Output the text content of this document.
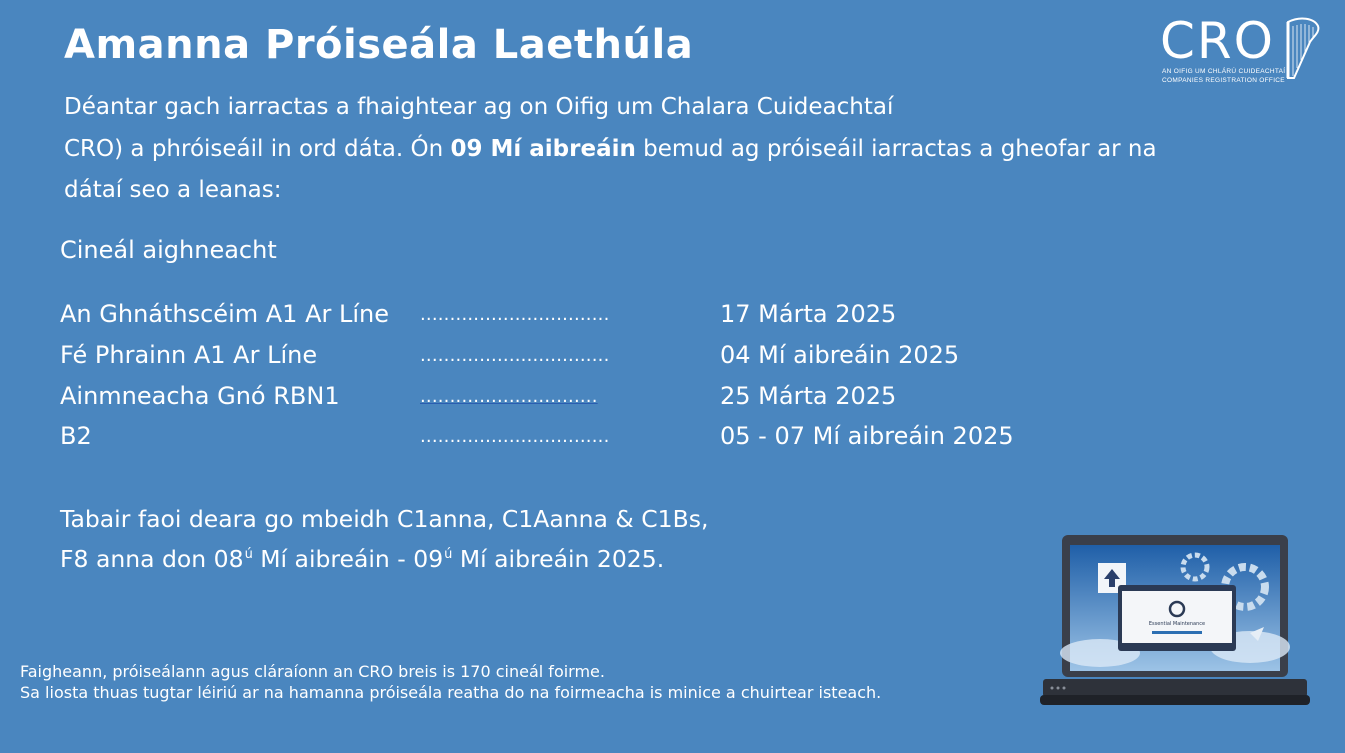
Amanna Próiseála Laethúla
Déantar gach iarractas a fhaightear ag on Oifig um Chalara Cuideachtaí
CRO) a phróiseáil in ord dáta. Ón 09 Mí aibreáin bemud ag próiseáil iarractas a gheofar ar na
dátaí seo a leanas:
Cineál aighneacht
An Ghnáthscéim A1 Ar Líne ................................	17 Márta 2025
Fé Phrainn A1 Ar Líne	................................	04 Mí aibreáin 2025
Ainmneacha Gnó RBN1	..............................	25 Márta 2025
B2	................................	05 - 07 Mí aibreáin 2025
Tabair faoi deara go mbeidh C1anna, C1Aanna & C1Bs,
F8 anna don $08^ú$ Mí aibreáin - $09^ú$ Mí aibreáin 2025.
Faigheann, próiseálann agus cláraíonn an CRO breis is 170 cineál foirme.
Sa liosta thuas tugtar léiriú ar na hamanna próiseála reatha do na foirmeacha is minice a chuirtear isteach.
CRO
AN OIFIG UM CHLÁRÚ CUIDEACHTAÍ
COMPANIES REGISTRATION OFFICE
Essential Maintenance
